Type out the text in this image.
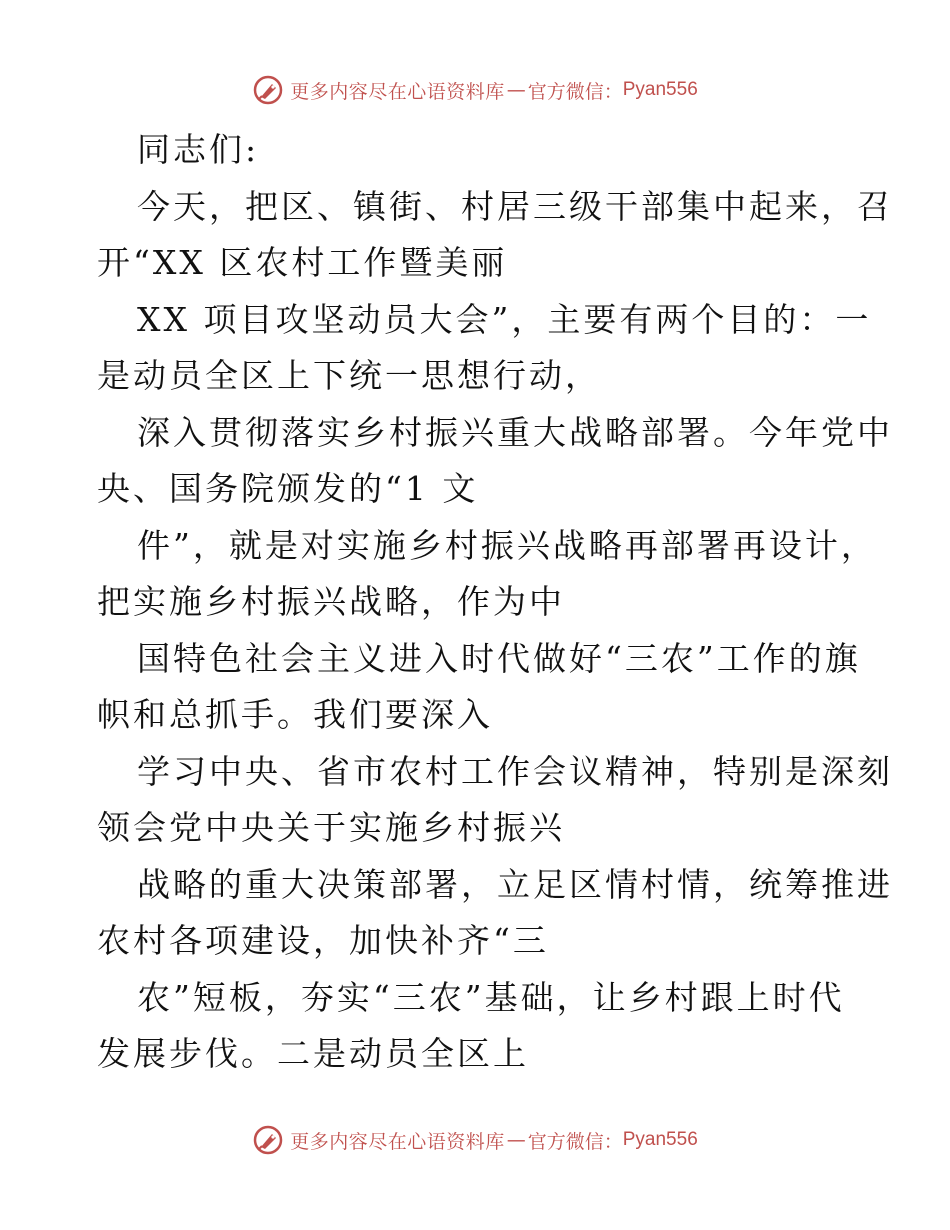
更多内容尽在心语资料库 — 官方微信： Pyan556
同志们:
今天，把区、镇街、村居三级干部集中起来，召
开“XX 区农村工作暨美丽
XX 项目攻坚动员大会”，主要有两个目的：一
是动员全区上下统一思想行动，
深入贯彻落实乡村振兴重大战略部署。今年党中
央、国务院颁发的“1 文
件”，就是对实施乡村振兴战略再部署再设计，
把实施乡村振兴战略，作为中
国特色社会主义进入时代做好“三农”工作的旗
帜和总抓手。我们要深入
学习中央、省市农村工作会议精神，特别是深刻
领会党中央关于实施乡村振兴
战略的重大决策部署，立足区情村情，统筹推进
农村各项建设，加快补齐“三
农”短板，夯实“三农”基础，让乡村跟上时代
发展步伐。二是动员全区上
更多内容尽在心语资料库 — 官方微信： Pyan556
